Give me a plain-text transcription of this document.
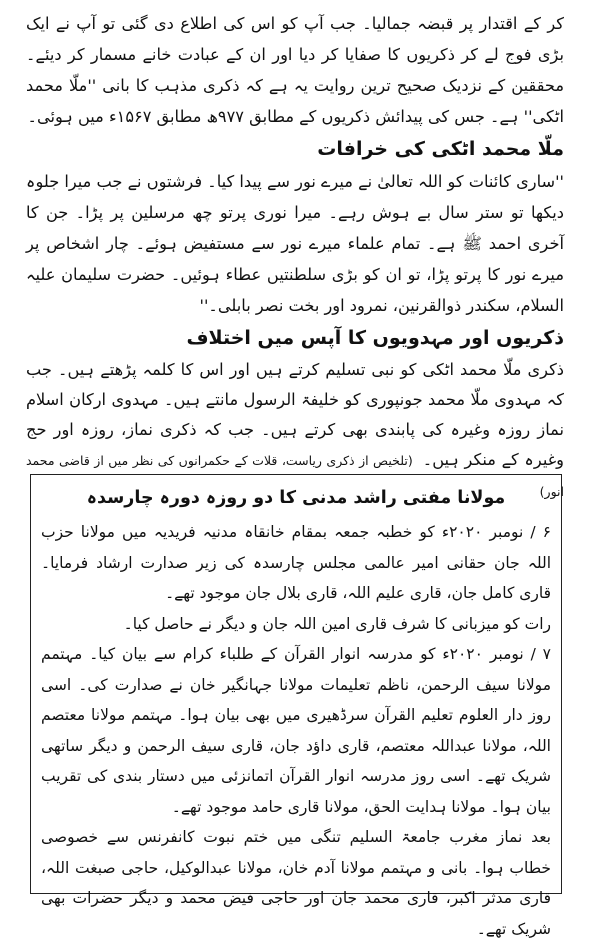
کر کے اقتدار پر قبضہ جمالیا۔ جب آپ کو اس کی اطلاع دی گئی تو آپ نے ایک بڑی فوج لے کر ذکریوں کا صفایا کر دیا اور ان کے عبادت خانے مسمار کر دیئے۔ محققین کے نزدیک صحیح ترین روایت یہ ہے کہ ذکری مذہب کا بانی ''ملّا محمد اٹکی'' ہے۔ جس کی پیدائش ذکریوں کے مطابق ۹۷۷ھ مطابق ۱۵۶۷ء میں ہوئی۔

ملّا محمد اٹکی کی خرافات

''ساری کائنات کو اللہ تعالیٰ نے میرے نور سے پیدا کیا۔ فرشتوں نے جب میرا جلوہ دیکھا تو ستر سال بے ہوش رہے۔ میرا نوری پرتو چھ مرسلین پر پڑا۔ جن کا آخری احمد ﷺ ہے۔ تمام علماء میرے نور سے مستفیض ہوئے۔ چار اشخاص پر میرے نور کا پرتو پڑا، تو ان کو بڑی سلطنتیں عطاء ہوئیں۔ حضرت سلیمان علیہ السلام، سکندر ذوالقرنین، نمرود اور بخت نصر بابلی۔''

ذکریوں اور مہدویوں کا آپس میں اختلاف

ذکری ملّا محمد اٹکی کو نبی تسلیم کرتے ہیں اور اس کا کلمہ پڑھتے ہیں۔ جب کہ مہدوی ملّا محمد جونپوری کو خلیفۃ الرسول مانتے ہیں۔ مہدوی ارکان اسلام نماز روزہ وغیرہ کی پابندی بھی کرتے ہیں۔ جب کہ ذکری نماز، روزہ اور حج وغیرہ کے منکر ہیں۔(تلخیص از ذکری ریاست، قلات کے حکمرانوں کی نظر میں از قاضی محمد انور)

مولانا مفتی راشد مدنی کا دو روزہ دورہ چارسدہ

۶ / نومبر ۲۰۲۰ء کو خطبہ جمعہ بمقام خانقاہ مدنیہ فریدیہ میں مولانا حزب اللہ جان حقانی امیر عالمی مجلس چارسدہ کی زیر صدارت ارشاد فرمایا۔ قاری کامل جان، قاری علیم اللہ، قاری بلال جان موجود تھے۔

رات کو میزبانی کا شرف قاری امین اللہ جان و دیگر نے حاصل کیا۔

۷ / نومبر ۲۰۲۰ء کو مدرسہ انوار القرآن کے طلباء کرام سے بیان کیا۔ مہتمم مولانا سیف الرحمن، ناظم تعلیمات مولانا جہانگیر خان نے صدارت کی۔ اسی روز دار العلوم تعلیم القرآن سرڈھیری میں بھی بیان ہوا۔ مہتمم مولانا معتصم اللہ، مولانا عبداللہ معتصم، قاری داؤد جان، قاری سیف الرحمن و دیگر ساتھی شریک تھے۔ اسی روز مدرسہ انوار القرآن اتمانزئی میں دستار بندی کی تقریب بیان ہوا۔ مولانا ہدایت الحق، مولانا قاری حامد موجود تھے۔

بعد نماز مغرب جامعۃ السلیم تنگی میں ختم نبوت کانفرنس سے خصوصی خطاب ہوا۔ بانی و مہتمم مولانا آدم خان، مولانا عبدالوکیل، حاجی صبغت اللہ، قاری مدثر اکبر، قاری محمد جان اور حاجی فیض محمد و دیگر حضرات بھی شریک تھے۔
